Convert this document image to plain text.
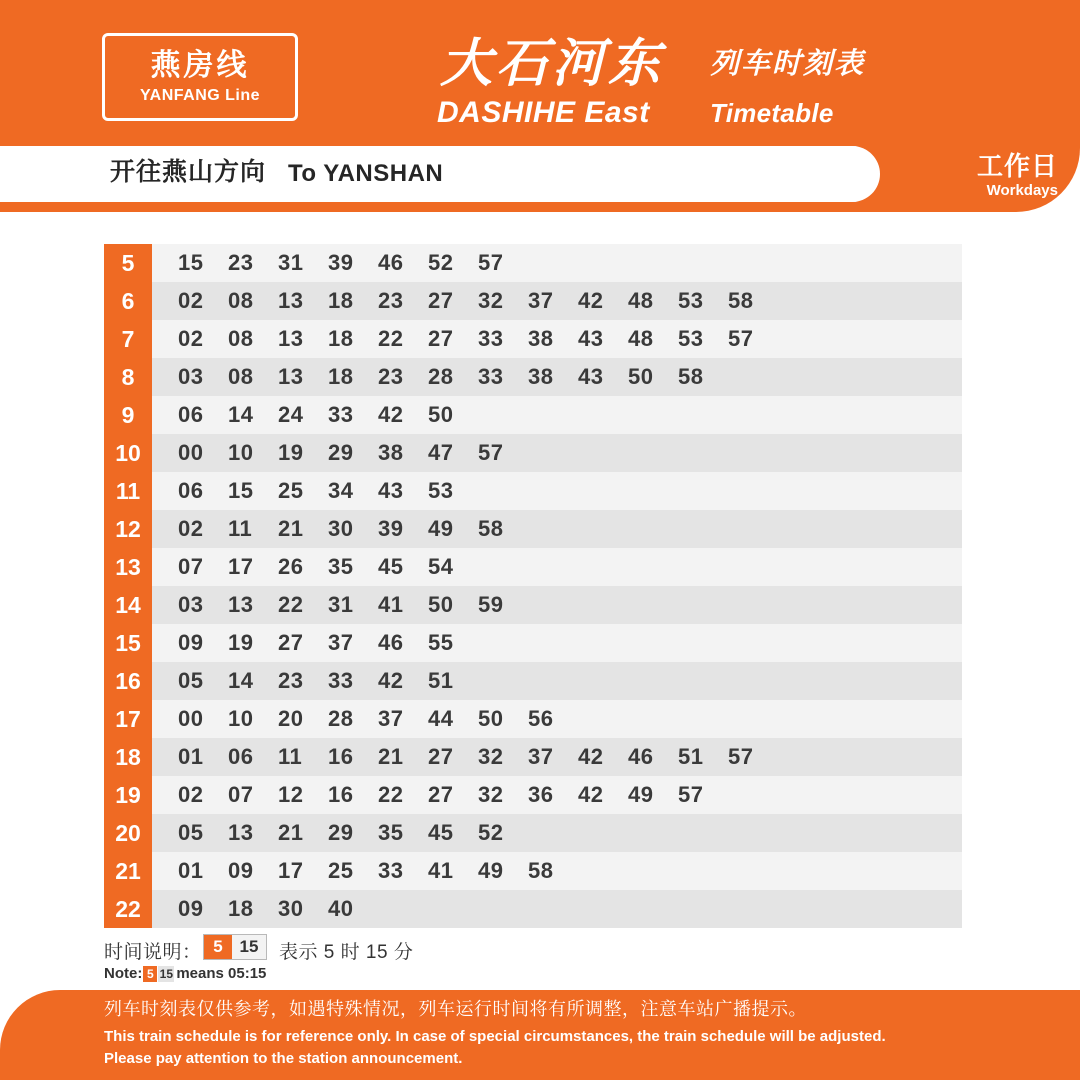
燕房线
YANFANG Line
大石河东
DASHIHE East
列车时刻表
Timetable
开往燕山方向 To YANSHAN	工作日
Workdays
5	15	23	31	39	46	52	57
6	02	08	13	18	23	27	32	37	42	48	53	58
7	02	08	13	18	22	27	33	38	43	48	53	57
8	03	08	13	18	23	28	33	38	43	50	58
9	06	14	24	33	42	50
10	00	10	19	29	38	47	57
11	06	15	25	34	43	53
12	02	11	21	30	39	49	58
13	07	17	26	35	45	54
14	03	13	22	31	41	50	59
15	09	19	27	37	46	55
16	05	14	23	33	42	51
17	00	10	20	28	37	44	50	56
18	01	06	11	16	21	27	32	37	42	46	51	57
19	02	07	12	16	22	27	32	36	42	49	57
20	05	13	21	29	35	45	52
21	01	09	17	25	33	41	49	58
22	09	18	30	40
时间说明： 5 15	表示 5 时 15 分
Note: 5 15 means 05:15
列车时刻表仅供参考，如遇特殊情况，列车运行时间将有所调整，注意车站广播提示。
This train schedule is for reference only. In case of special circumstances, the train schedule will be adjusted.
Please pay attention to the station announcement.
